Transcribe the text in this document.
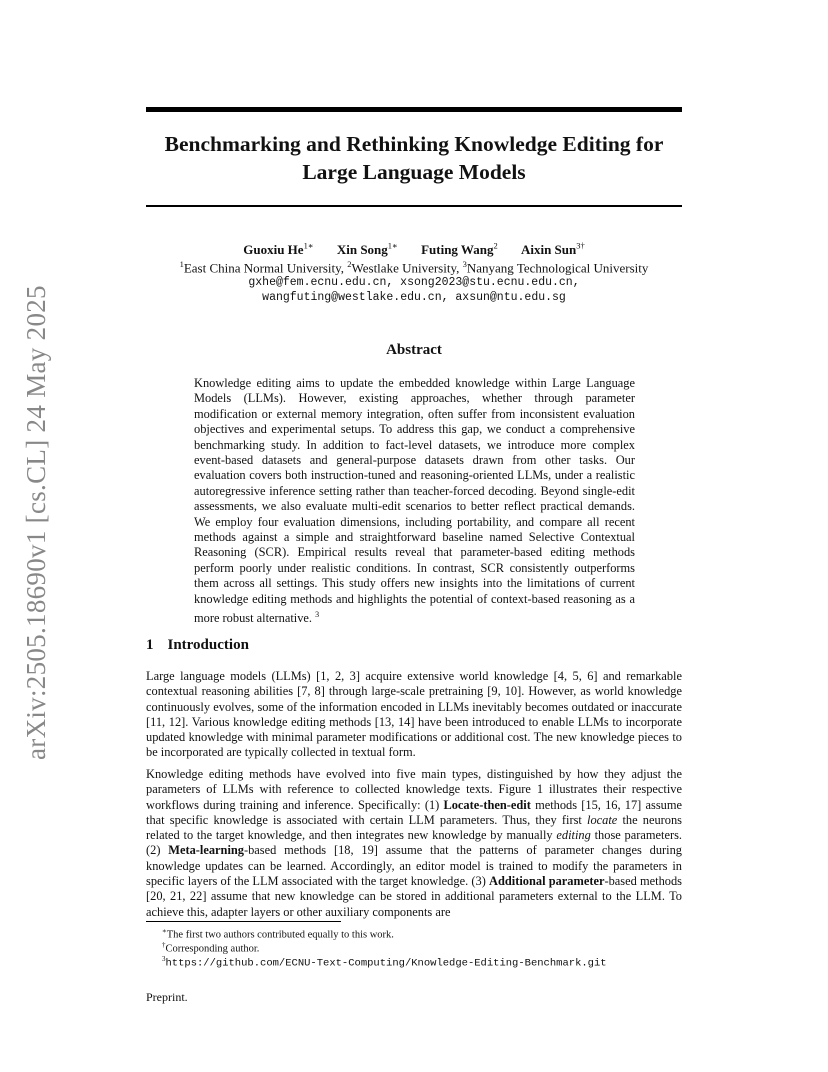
arXiv:2505.18690v1 [cs.CL] 24 May 2025
Benchmarking and Rethinking Knowledge Editing for
Large Language Models
Guoxiu $He^{1∗}$ Xin Song$^{1∗}$ Futing Wang$^2$ Aixin Sun$^{3\dagger}$
$^1$East China Normal University, $^2$Westlake University, $^3$Nanyang Technological University
gxhe@fem.ecnu.edu.cn, xsong2023@stu.ecnu.edu.cn,
wangfuting@westlake.edu.cn, axsun@ntu.edu.sg
Abstract
Knowledge editing aims to update the embedded knowledge within Large Language Models (LLMs). However, existing approaches, whether through parameter modification or external memory integration, often suffer from inconsistent evaluation objectives and experimental setups. To address this gap, we conduct a comprehensive benchmarking study. In addition to fact-level datasets, we introduce more complex event-based datasets and general-purpose datasets drawn from other tasks. Our evaluation covers both instruction-tuned and reasoning-oriented LLMs, under a realistic autoregressive inference setting rather than teacher-forced decoding. Beyond single-edit assessments, we also evaluate multi-edit scenarios to better reflect practical demands. We employ four evaluation dimensions, including portability, and compare all recent methods against a simple and straightforward baseline named Selective Contextual Reasoning (SCR). Empirical results reveal that parameter-based editing methods perform poorly under realistic conditions. In contrast, SCR consistently outperforms them across all settings. This study offers new insights into the limitations of current knowledge editing methods and highlights the potential of context-based reasoning as a more robust alternative. $^3$
1 Introduction
Large language models (LLMs) [1, 2, 3] acquire extensive world knowledge [4, 5, 6] and remarkable contextual reasoning abilities [7, 8] through large-scale pretraining [9, 10]. However, as world knowledge continuously evolves, some of the information encoded in LLMs inevitably becomes outdated or inaccurate [11, 12]. Various knowledge editing methods [13, 14] have been introduced to enable LLMs to incorporate updated knowledge with minimal parameter modifications or additional cost. The new knowledge pieces to be incorporated are typically collected in textual form.
Knowledge editing methods have evolved into five main types, distinguished by how they adjust the parameters of LLMs with reference to collected knowledge texts. Figure 1 illustrates their respective workflows during training and inference. Specifically: (1) Locate-then-edit methods [15, 16, 17] assume that specific knowledge is associated with certain LLM parameters. Thus, they first locate the neurons related to the target knowledge, and then integrates new knowledge by manually editing those parameters. (2) Meta-learning-based methods [18, 19] assume that the patterns of parameter changes during knowledge updates can be learned. Accordingly, an editor model is trained to modify the parameters in specific layers of the LLM associated with the target knowledge. (3) Additional parameter-based methods [20, 21, 22] assume that new knowledge can be stored in additional parameters external to the LLM. To achieve this, adapter layers or other auxiliary components are
∗The first two authors contributed equally to this work.
†Corresponding author.
$^3$https://github.com/ECNU-Text-Computing/Knowledge-Editing-Benchmark.git
Preprint.
